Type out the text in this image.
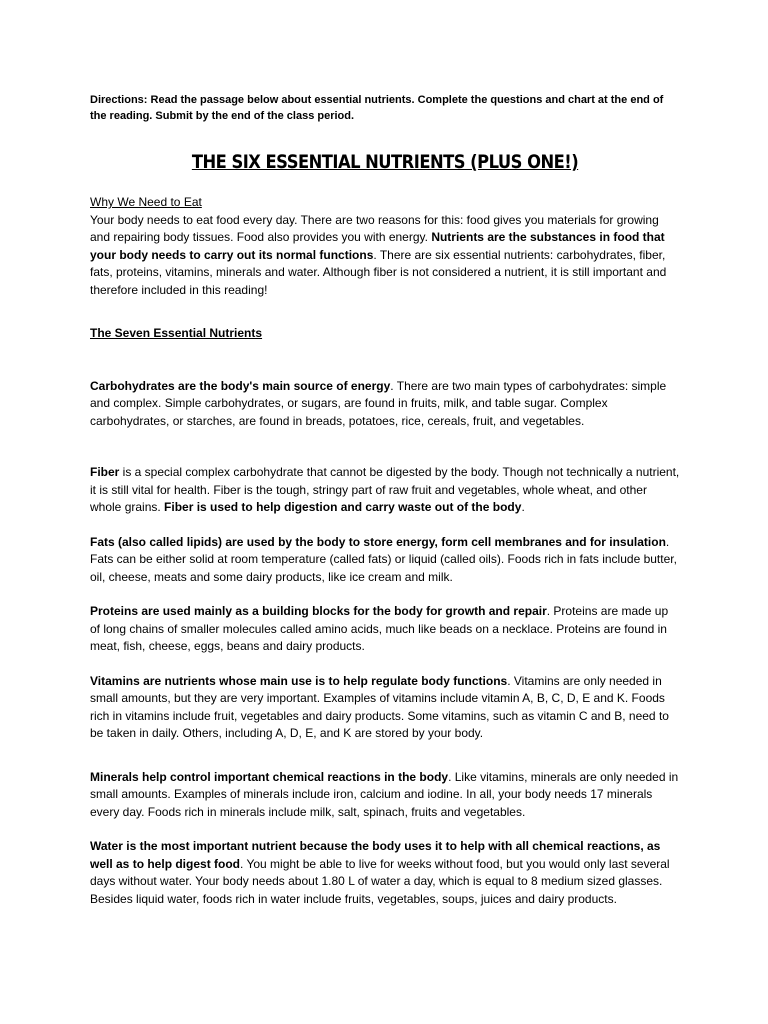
Directions: Read the passage below about essential nutrients. Complete the questions and chart at the end of the reading. Submit by the end of the class period.

THE SIX ESSENTIAL NUTRIENTS (PLUS ONE!)

Why We Need to Eat

Your body needs to eat food every day. There are two reasons for this: food gives you materials for growing and repairing body tissues. Food also provides you with energy. Nutrients are the substances in food that your body needs to carry out its normal functions. There are six essential nutrients: carbohydrates, fiber, fats, proteins, vitamins, minerals and water. Although fiber is not considered a nutrient, it is still important and therefore included in this reading!

The Seven Essential Nutrients

Carbohydrates are the body's main source of energy. There are two main types of carbohydrates: simple and complex. Simple carbohydrates, or sugars, are found in fruits, milk, and table sugar. Complex carbohydrates, or starches, are found in breads, potatoes, rice, cereals, fruit, and vegetables.

Fiber is a special complex carbohydrate that cannot be digested by the body. Though not technically a nutrient, it is still vital for health. Fiber is the tough, stringy part of raw fruit and vegetables, whole wheat, and other whole grains. Fiber is used to help digestion and carry waste out of the body.

Fats (also called lipids) are used by the body to store energy, form cell membranes and for insulation. Fats can be either solid at room temperature (called fats) or liquid (called oils). Foods rich in fats include butter, oil, cheese, meats and some dairy products, like ice cream and milk.

Proteins are used mainly as a building blocks for the body for growth and repair. Proteins are made up of long chains of smaller molecules called amino acids, much like beads on a necklace. Proteins are found in meat, fish, cheese, eggs, beans and dairy products.

Vitamins are nutrients whose main use is to help regulate body functions. Vitamins are only needed in small amounts, but they are very important. Examples of vitamins include vitamin A, B, C, D, E and K. Foods rich in vitamins include fruit, vegetables and dairy products. Some vitamins, such as vitamin C and B, need to be taken in daily. Others, including A, D, E, and K are stored by your body.

Minerals help control important chemical reactions in the body. Like vitamins, minerals are only needed in small amounts. Examples of minerals include iron, calcium and iodine. In all, your body needs 17 minerals every day. Foods rich in minerals include milk, salt, spinach, fruits and vegetables.

Water is the most important nutrient because the body uses it to help with all chemical reactions, as well as to help digest food. You might be able to live for weeks without food, but you would only last several days without water. Your body needs about 1.80 L of water a day, which is equal to 8 medium sized glasses. Besides liquid water, foods rich in water include fruits, vegetables, soups, juices and dairy products.
